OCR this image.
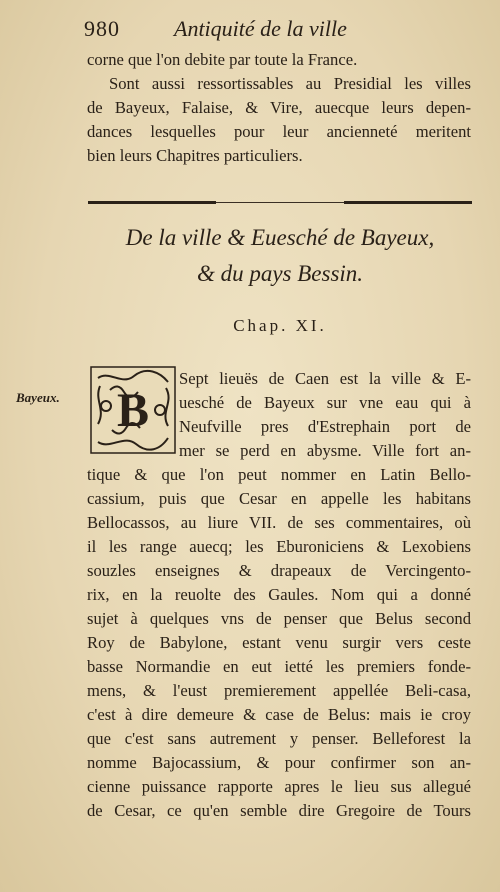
980 Antiquité de la ville
corne que l'on debite par toute la France.
Sont aussi ressortissables au Presidial les villes
de Bayeux, Falaise, & Vire, auecque leurs depen-
dances lesquelles pour leur ancienneté meritent
bien leurs Chapitres particuliers.
De la ville & Euesché de Bayeux,
& du pays Bessin.
Chap. XI.
Bayeux. B
Sept lieuës de Caen est la ville & E-
uesché de Bayeux sur vne eau qui à
Neufville pres d'Estrephain port de
mer se perd en abysme. Ville fort an-
tique & que l'on peut nommer en Latin Bello-
cassium, puis que Cesar en appelle les habitans
Bellocassos, au liure VII. de ses commentaires, où
il les range auecq; les Eburoniciens & Lexobiens
souzles enseignes & drapeaux de Vercingento-
rix, en la reuolte des Gaules. Nom qui a donné
sujet à quelques vns de penser que Belus second
Roy de Babylone, estant venu surgir vers ceste
basse Normandie en eut ietté les premiers fonde-
mens, & l'eust premierement appellée Beli-casa,
c'est à dire demeure & case de Belus: mais ie croy
que c'est sans autrement y penser. Belleforest la
nomme Bajocassium, & pour confirmer son an-
cienne puissance rapporte apres le lieu sus allegué
de Cesar, ce qu'en semble dire Gregoire de Tours
